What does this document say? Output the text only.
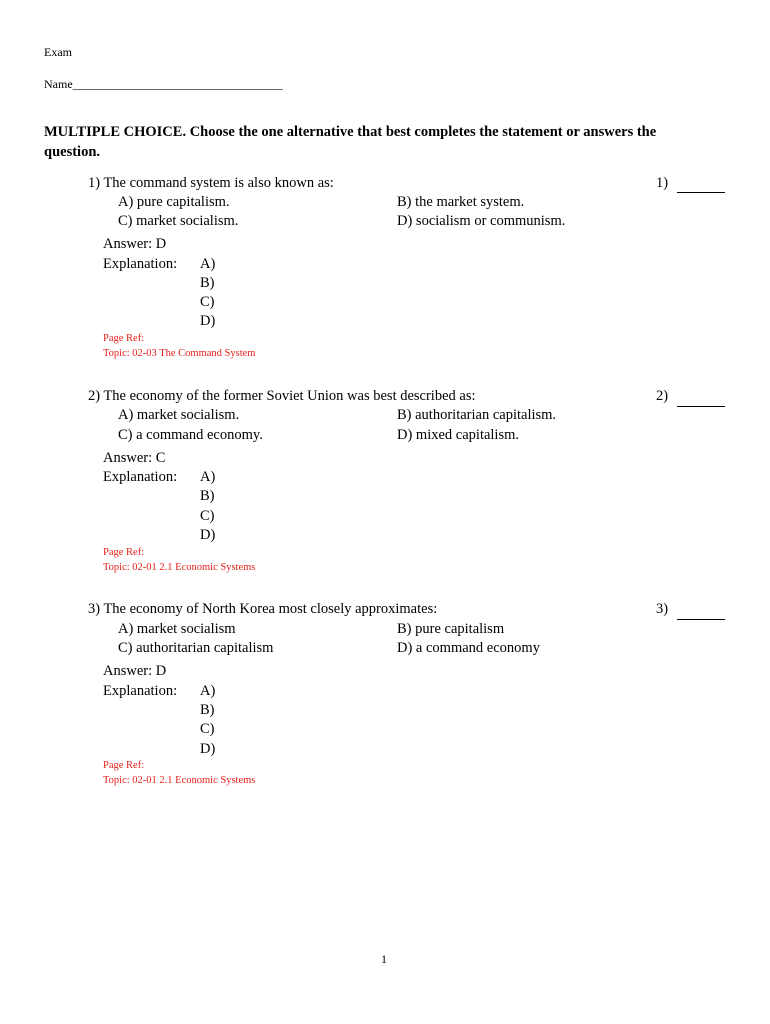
Exam
Name___________________________________
MULTIPLE CHOICE. Choose the one alternative that best completes the statement or answers the question.
1) The command system is also known as:	1)
A) pure capitalism.	B) the market system.
C) market socialism.	D) socialism or communism.
Answer: D
Explanation: A)
B)
C)
D)
Page Ref:
Topic: 02-03 The Command System
2) The economy of the former Soviet Union was best described as:	2)
A) market socialism.	B) authoritarian capitalism.
C) a command economy.	D) mixed capitalism.
Answer: C
Explanation: A)
B)
C)
D)
Page Ref:
Topic: 02-01 2.1 Economic Systems
3) The economy of North Korea most closely approximates:	3)
A) market socialism	B) pure capitalism
C) authoritarian capitalism	D) a command economy
Answer: D
Explanation: A)
B)
C)
D)
Page Ref:
Topic: 02-01 2.1 Economic Systems
1
